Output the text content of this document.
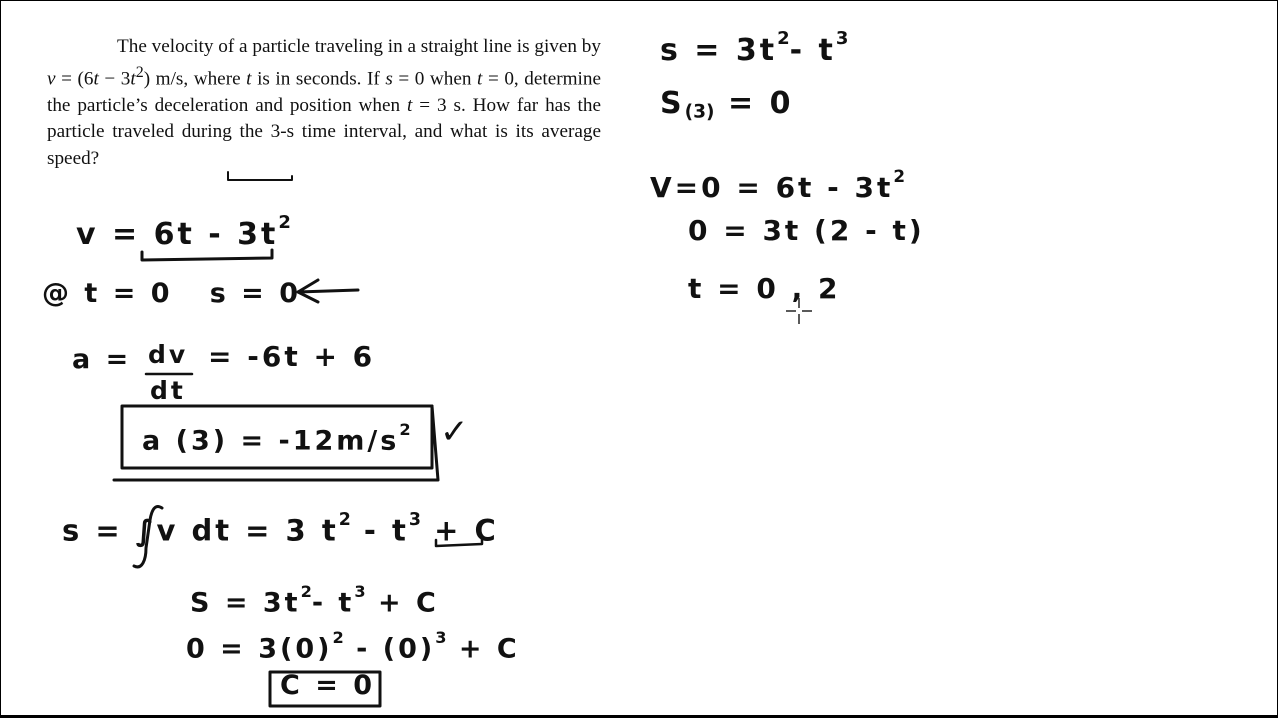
The velocity of a particle traveling in a straight line is given by $v = (6t - 3t^2)$ m/s, where t is in seconds. If s = 0 when t = 0, determine the particle’s deceleration and position when t = 3 s. How far has the particle traveled during the 3-s time interval, and what is its average speed?
$v = 6t - 3t^2$
@ t = 0   s = 0
a = dv
dt
= -6t + 6
a $(3) = -12m/s^2$ ✓
s = ∫v dt = 3 $t^2 - t^3 + C$
$S = 3t^2-$ $t^3 + C$
$0 = 3(0)^2 - (0)^3 + C$
C = 0
$s = 3t^2-$ $t^3$
$S_{(3)} = 0$
$V=0 = 6t - 3t^2$
0 = 3t (2 - t)
t = 0 , 2
